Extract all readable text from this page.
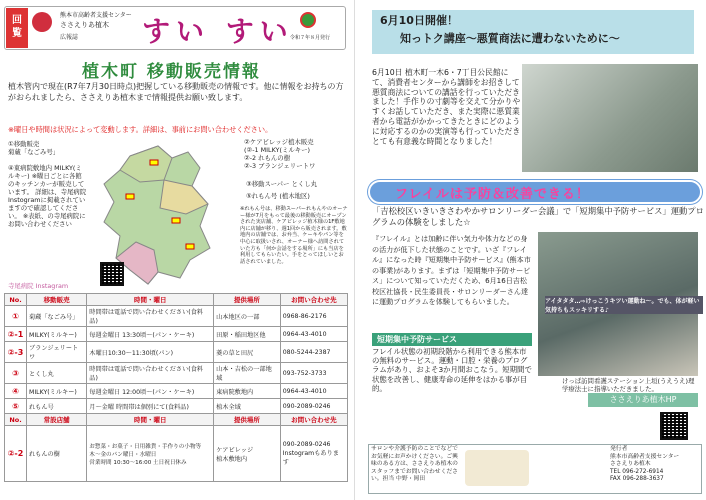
回 覧
熊本市高齢者支援センター
ささえりあ植木
広報誌 すい すい
令和７年８月発行
植木町 移動販売情報
植木管内で現在(R7年7月30日時点)把握している移動販売の情報です。他に情報をお持ちの方がおられましたら、ささえりあ植木まで情報提供お願い致します。
※曜日や時間は状況によって変動します。詳細は、事前にお問い合わせください。
①移動販売
菊蔵「なごみ号」
②ケアビレッジ植木販売
(②-1 MILKY(ミルキー)
②-2 れもんの樹
②-3 ブランジェリートワ
④東病院敷地内 MILKY(ミルキー) ※曜日ごとに各館のキッチンカーが販売しています。 詳細は、寺尾病院 Instogramに掲載されていますので確認してください。 ※表紙、の寺尾病院にお問い合わせください
③移動スーパー とくし丸
⑤れもん号 (植木地区)
※れもん号は、移動スーパーれもんやのオーナー様が7月をもって最後の移動販売にオープンされた実店舗、ケアビレッジ植木様の1F敷地内に店舗が移り、週1回から販売されます。敷地内の店舗では、お弁当、ケーキやパン等を中心に取扱いされ、オーナー様へ訪問されていた方も「何か会話をする場所」にも当店を利用してもらいたい。手をとってほしいとお話されていました。
寺尾病院 Instagram
No.	移動販売	時間・曜日	提供場所	お問い合わせ先
①	菊蔵「なごみ号」	時間帯は電話で問い合わせください(食料品)	山本地区の一部	0968-86-2176
②-1	MILKY(ミルキー)	毎週金曜日 13:30頃～(パン・ケーキ)	田原・稲田地区他	0964-43-4010
②-3	ブランジェリートワ	木曜日10:30～11:30頃(パン)	菱の草と田尻	080-5244-2387
③	とくし丸	時間帯は電話で問い合わせください(食料品)	山本・吉松の一部地域	093-752-3733
④	MILKY(ミルキー)	毎週金曜日 12:00頃～(パン・ケーキ)	東病院敷地内	0964-43-4010
⑤	れもん号	月～金曜 時間帯は個別にて(食料品)	植木全域	090-2089-0246
No.	常設店舗	時間・曜日	提供場所	お問い合わせ先
②-2	れもんの樹	お惣菜・お菓子・日用雑貨・手作りの小物等
木～金のパン曜日・水曜日
営業時間 10:30～16:00 土日祝日休み	ケアビレッジ
植木敷地内	090-2089-0246
Instogramもあります
6月10日開催！
知っトク講座～悪質商法に遭わないために～
6月10日 植木町一木6・7丁目公民館にて、消費者センターから講師をお招きして悪質商法についての講話を行っていただきました！手作りの寸劇等を交えて分かりやすくお話していただき、また実際に悪質業者から電話がかかってきたときにどのように対応するのかの実演等も行っていただきとても有意義な時間となりました！
フレイルは予防＆改善できる！
「吉松校区いきいきさわやかサロンリーダー会議」で「短期集中予防サービス」運動プログラムの体験をしました☆
『フレイル』とは加齢に伴い気力や体力などの身の活力が低下した状態のことです。いざ『フレイル』になった時『短期集中予防サービス』(熊本市の事業)があります。まずは「短期集中予防サービス」について知っていただくため、6月16日吉松校区社協長・民生委員長・サロンリーダーさん達に運動プログラムを体験してもらいました。	アイタタタ…⇨けっこうキツい運動ね～。でも、体が軽い気持ちもスッキリする♪
けっぱ訪問看護ステーション上垣(うえうえ)理学療法士に指導いただきました。
短期集中予防サービス
フレイル状態の初期段階から利用できる熊本市の無料のサービス。運動・口腔・栄養のプログラムがあり、およそ3か月間おこなう。短期間で状態を改善し、健康寿命の延伸をはかる事が目的。
ささえりあ植木HP
サロンや介護予防のことでなどでお気軽にお声かけください。ご興味のある方は、ささえりあ植木のスタッフまでお問い合わせください。担当 中野・岡田
発行者
熊本市高齢者支援センター
ささえりあ植木
TEL 096-272-6914
FAX 096-288-3637
